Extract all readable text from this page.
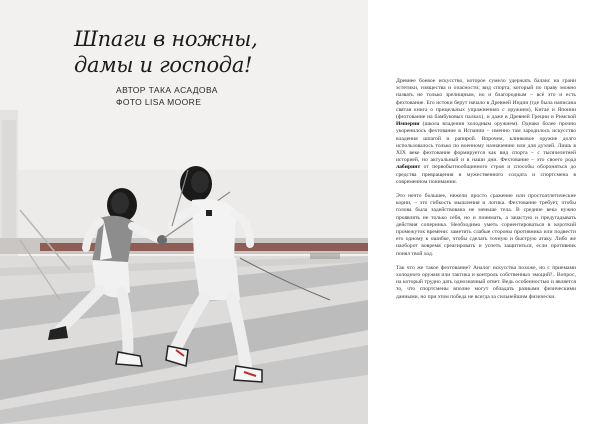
Шпаги в ножны,
дамы и господа!
АВТОР ТАКА АСАДОВА
ФОТО LISA MOORE

Древнее боевое искусство, которое сумело удержать баланс на грани эстетики, изящества и опасности; вид спорта, который по праву можно назвать не только зрелищным, но и благородным – всё это и есть фехтование. Его истоки берут начало в Древней Индии (где была написана святая книга о прицельных упражнениях с оружием), Китае и Японии (фехтование на бамбуковых палках), и даже в Древней Греции и Римской Империи (школа владения холодным оружием). Однако более прочно укоренилось фехтование в Испании – именно там зародилось искусство владения шпагой и рапирой. Впрочем, клинковое оружие долго использовалось только по военному назначению или для дуэлей. Лишь в XIX веке фехтование формируется как вид спорта – с тысячелетней историей, но актуальный и в наши дни. Фехтование – это своего рода лабиринт от первобытнообщинного строя и способы обороняться до средства превращения в мужественного солдата и спортсмена в современном понимании.

Это нечто большее, нежели просто сражение или простоатлетические корни, – это гибкость мышления и логика. Фехтование требует, чтобы голова была задействована не меньше тела. В средние века нужно проявлять не только себя, но и понимать, а зачастую и предугадывать действия соперника. Необходимо уметь сориентироваться в короткий промежуток времени: заметить слабые стороны противника или подвести его одному к ошибке, чтобы сделать точную и быструю атаку. Либо же наоборот вовремя среагировать и успеть защититься, если противник понял твой ход.

Так что же такое фехтование? Аналог искусства похоже, но с приемами холодного оружия или тактика и контроль собственных эмоций?.. Вопрос, на который трудно дать однозначный ответ. Ведь особенностью и является то, что спортсмены вполне могут обладать разными физическими данными, но при этом победа не всегда за сильнейшим физически.
